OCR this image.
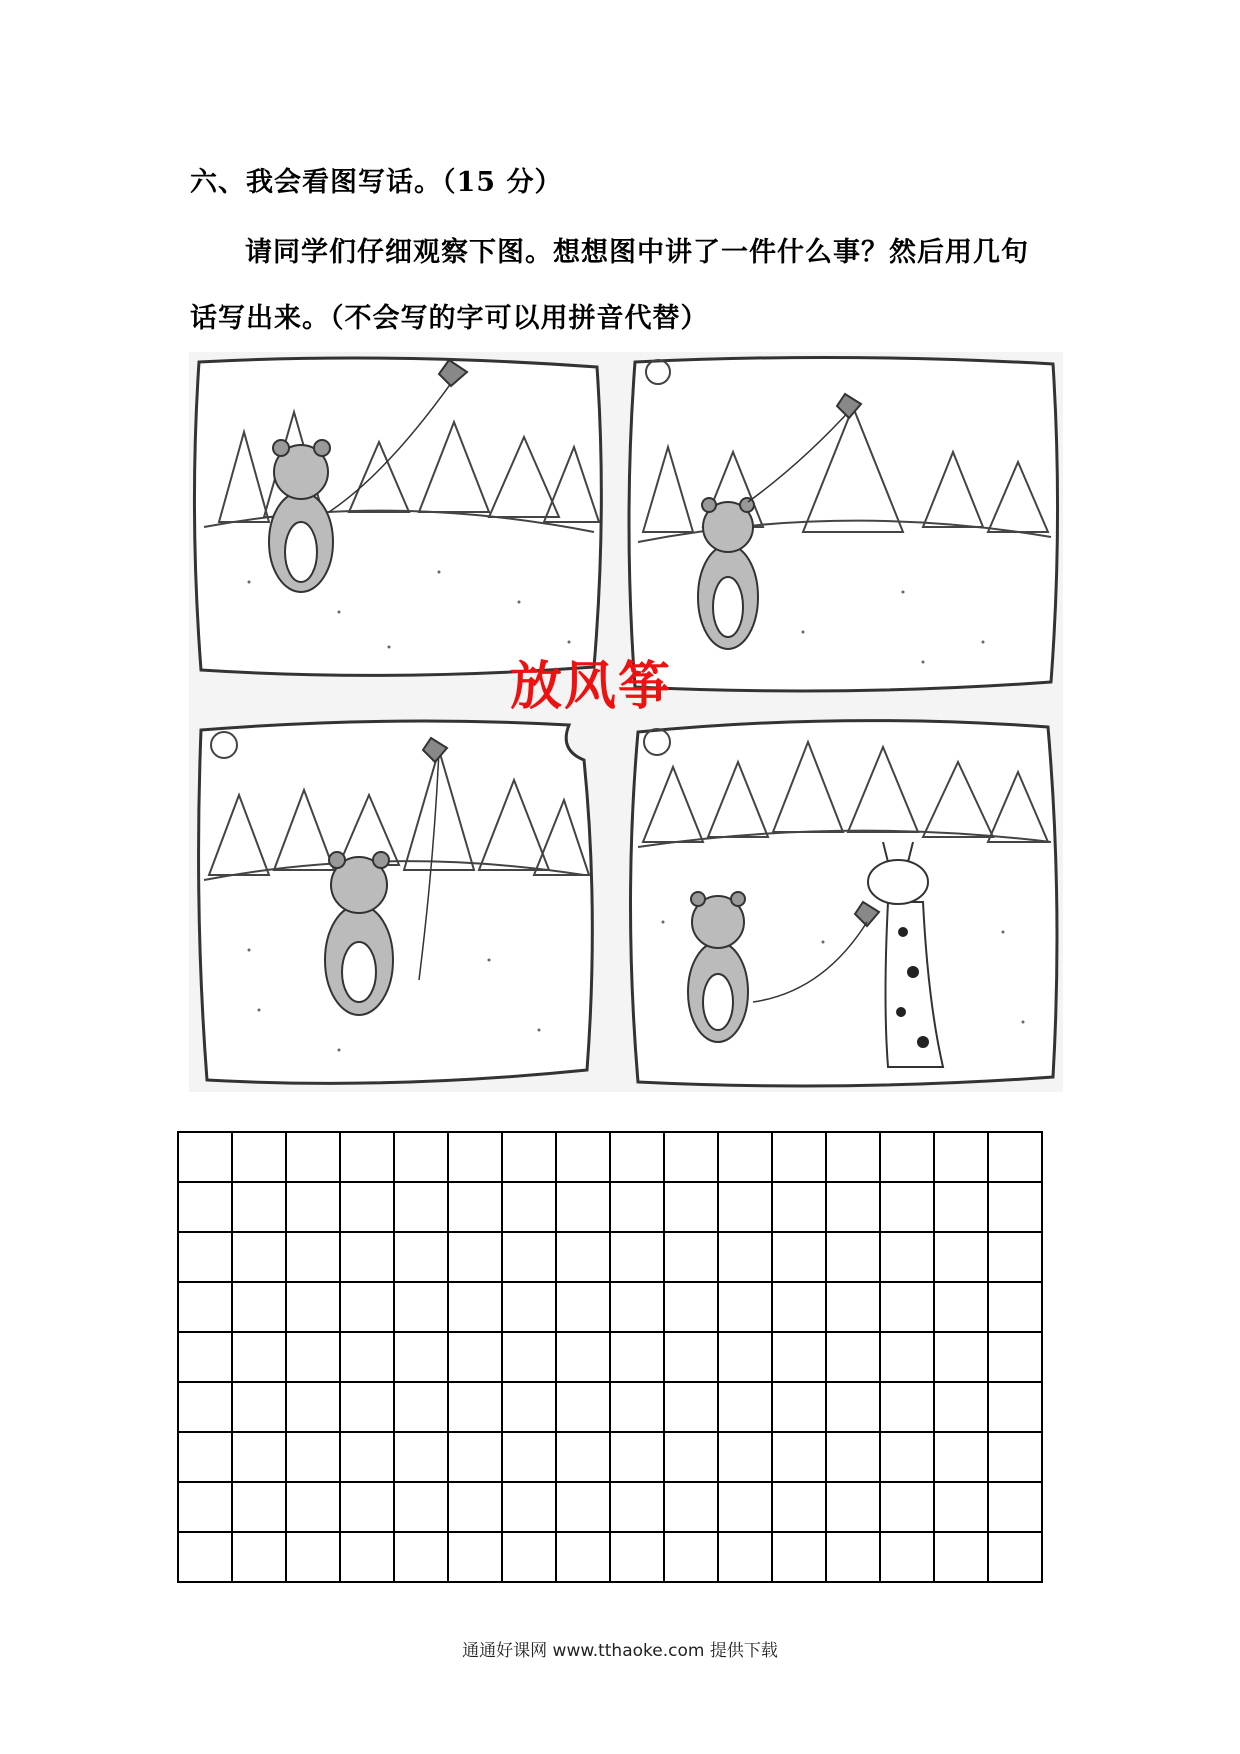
六、我会看图写话。（15 分）
请同学们仔细观察下图。想想图中讲了一件什么事？然后用几句
话写出来。（不会写的字可以用拼音代替）
放风筝

通通好课网 www.tthaoke.com 提供下载
